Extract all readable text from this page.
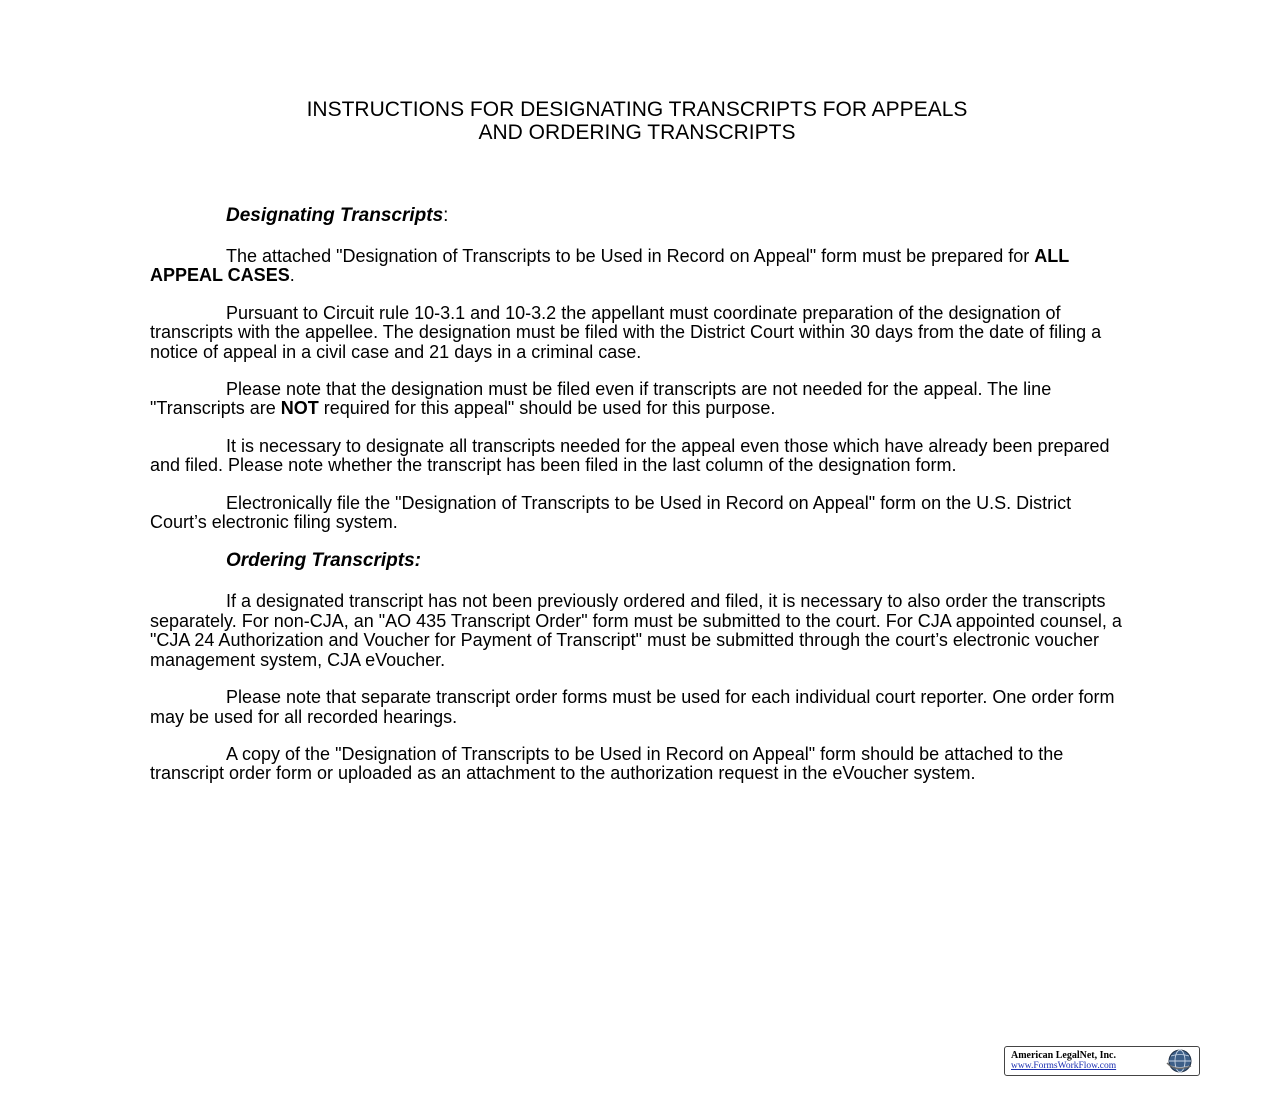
INSTRUCTIONS FOR DESIGNATING TRANSCRIPTS FOR APPEALS
AND ORDERING TRANSCRIPTS

Designating Transcripts:

The attached "Designation of Transcripts to be Used in Record on Appeal" form must be prepared for ALL APPEAL CASES.

Pursuant to Circuit rule 10-3.1 and 10-3.2 the appellant must coordinate preparation of the designation of transcripts with the appellee. The designation must be filed with the District Court within 30 days from the date of filing a notice of appeal in a civil case and 21 days in a criminal case.

Please note that the designation must be filed even if transcripts are not needed for the appeal. The line "Transcripts are NOT required for this appeal" should be used for this purpose.

It is necessary to designate all transcripts needed for the appeal even those which have already been prepared and filed. Please note whether the transcript has been filed in the last column of the designation form.

Electronically file the "Designation of Transcripts to be Used in Record on Appeal" form on the U.S. District Court’s electronic filing system.

Ordering Transcripts:

If a designated transcript has not been previously ordered and filed, it is necessary to also order the transcripts separately. For non-CJA, an "AO 435 Transcript Order" form must be submitted to the court. For CJA appointed counsel, a "CJA 24 Authorization and Voucher for Payment of Transcript" must be submitted through the court’s electronic voucher management system, CJA eVoucher.

Please note that separate transcript order forms must be used for each individual court reporter. One order form may be used for all recorded hearings.

A copy of the "Designation of Transcripts to be Used in Record on Appeal" form should be attached to the transcript order form or uploaded as an attachment to the authorization request in the eVoucher system.

American LegalNet, Inc.
www.FormsWorkFlow.com
